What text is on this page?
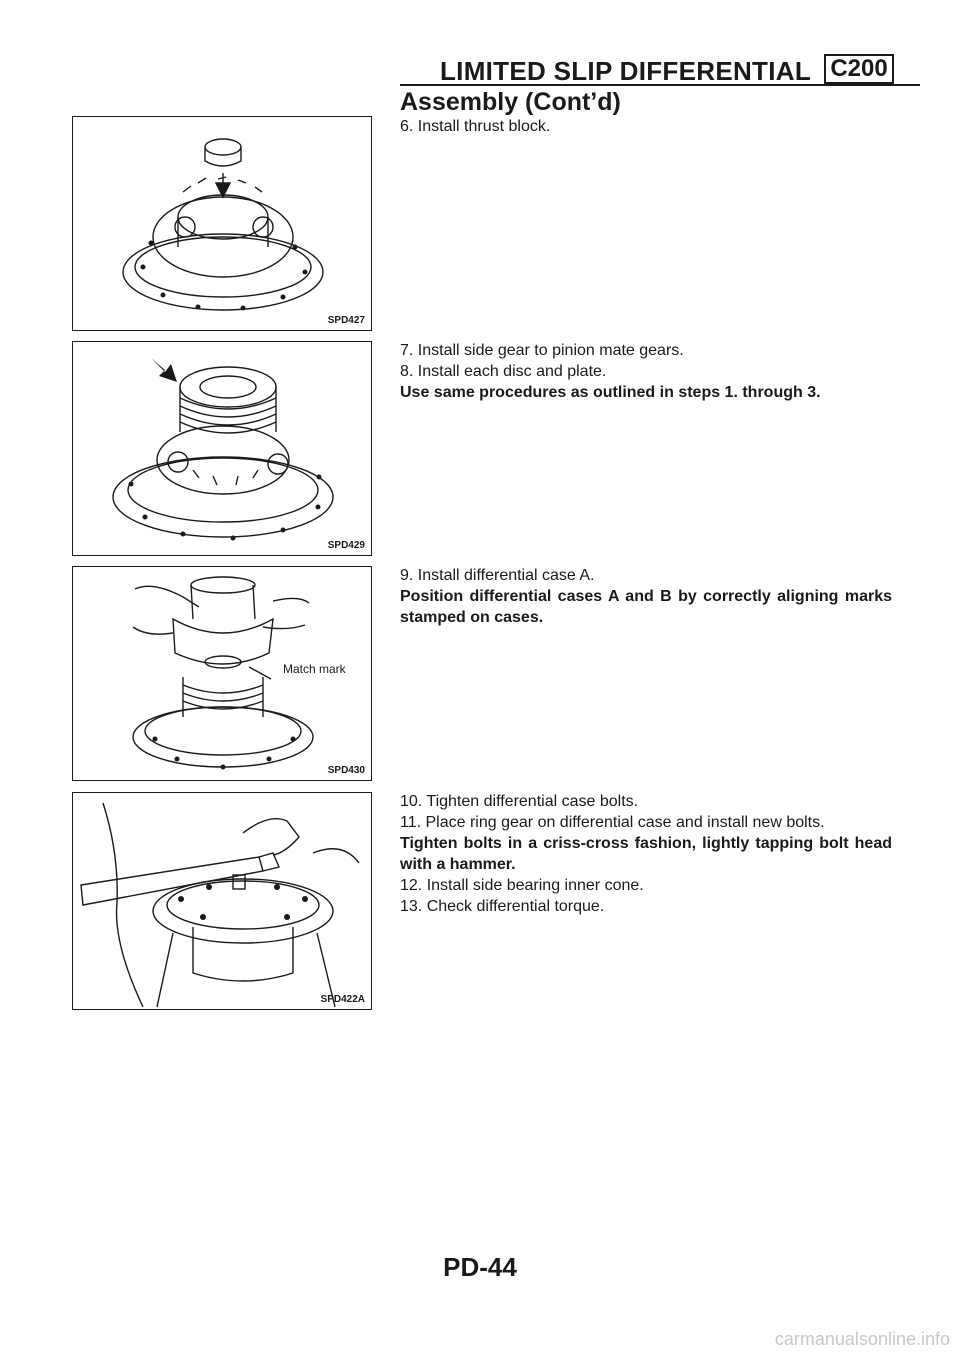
LIMITED SLIP DIFFERENTIAL C200
Assembly (Cont’d)
SPD427
SPD429
Match mark
SPD430
SPD422A

6. Install thrust block.

7. Install side gear to pinion mate gears.

8. Install each disc and plate.

Use same procedures as outlined in steps 1. through 3.

9. Install differential case A.

Position differential cases A and B by correctly aligning marks stamped on cases.

10. Tighten differential case bolts.

11. Place ring gear on differential case and install new bolts.

Tighten bolts in a criss-cross fashion, lightly tapping bolt head with a hammer.

12. Install side bearing inner cone.

13. Check differential torque.

PD-44
carmanualsonline.info
